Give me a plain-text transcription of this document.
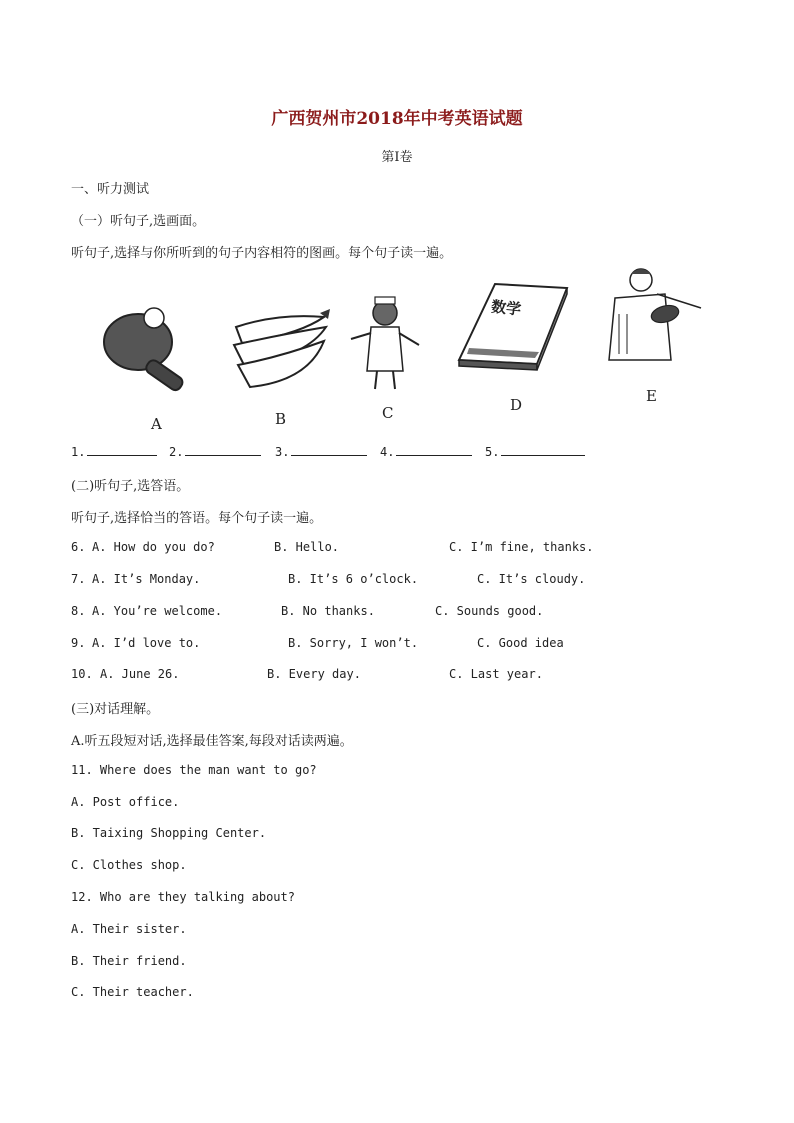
广西贺州市2018年中考英语试题
第Ⅰ卷
一、听力测试
（一）听句子,选画面。
听句子,选择与你所听到的句子内容相符的图画。每个句子读一遍。
数学
A	B	C	D	E
1.	2.	3.	4.	5.
(二)听句子,选答语。
听句子,选择恰当的答语。每个句子读一遍。
6. A. How do you do?	B. Hello.	C. I’m fine, thanks.
7. A. It’s Monday.	B. It’s 6 o’clock.	C. It’s cloudy.
8. A. You’re welcome.	B. No thanks.	C. Sounds good.
9. A. I’d love to.	B. Sorry, I won’t.	C. Good idea
10. A. June 26.	B. Every day.	C. Last year.
(三)对话理解。
A.听五段短对话,选择最佳答案,每段对话读两遍。
11. Where does the man want to go?
A. Post office.
B. Taixing Shopping Center.
C. Clothes shop.
12. Who are they talking about?
A. Their sister.
B. Their friend.
C. Their teacher.
